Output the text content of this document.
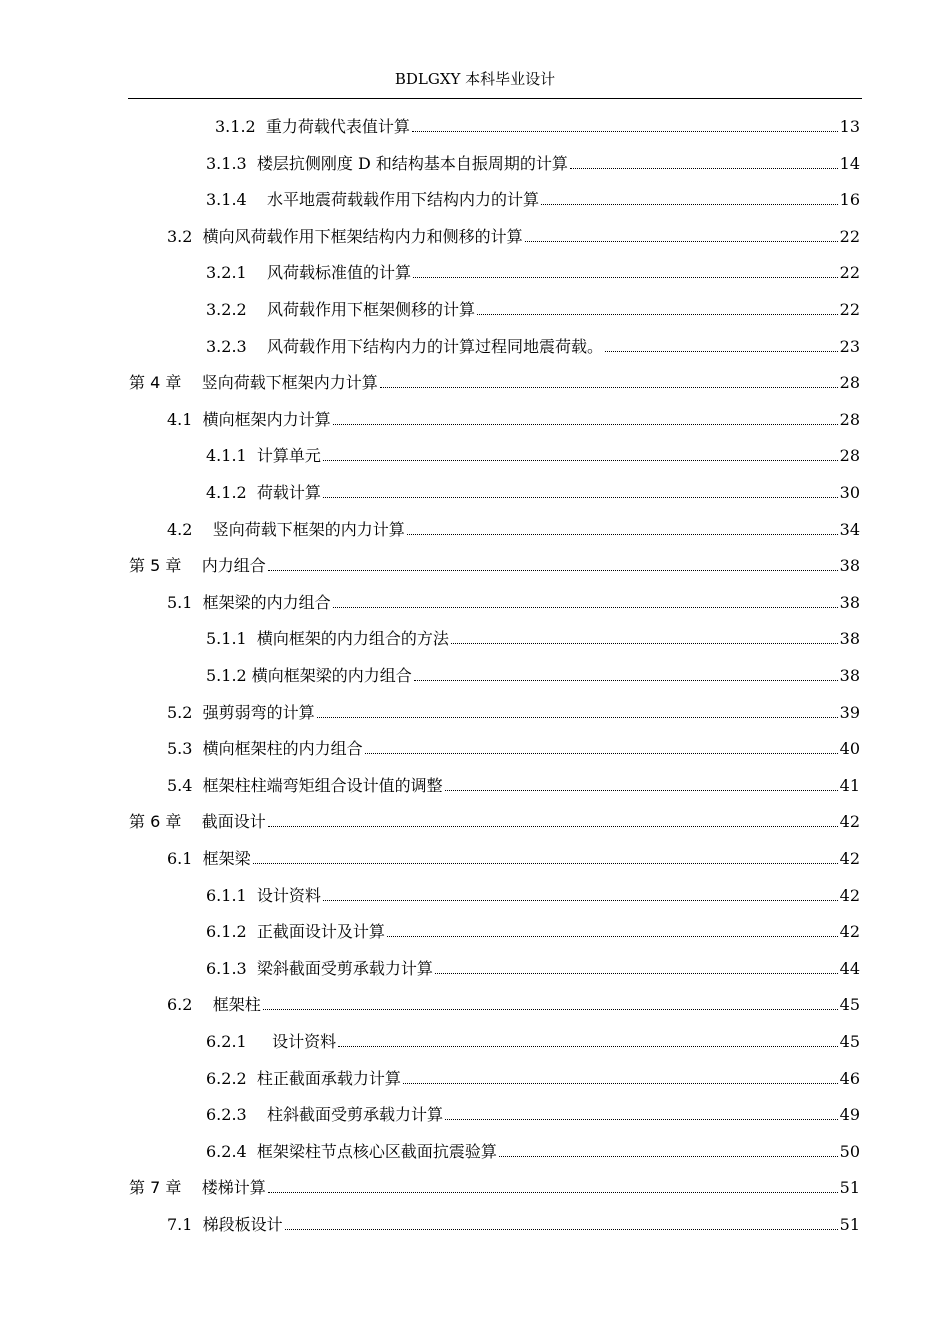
BDLGXY 本科毕业设计
3.1.2  重力荷载代表值计算	13
3.1.3  楼层抗侧刚度 D 和结构基本自振周期的计算	14
3.1.4    水平地震荷载载作用下结构内力的计算	16
3.2  横向风荷载作用下框架结构内力和侧移的计算	22
3.2.1    风荷载标准值的计算	22
3.2.2    风荷载作用下框架侧移的计算	22
3.2.3    风荷载作用下结构内力的计算过程同地震荷载。	23
第 4 章    竖向荷载下框架内力计算	28
4.1  横向框架内力计算	28
4.1.1  计算单元	28
4.1.2  荷载计算	30
4.2    竖向荷载下框架的内力计算	34
第 5 章    内力组合	38
5.1  框架梁的内力组合	38
5.1.1  横向框架的内力组合的方法	38
5.1.2 横向框架梁的内力组合	38
5.2  强剪弱弯的计算	39
5.3  横向框架柱的内力组合	40
5.4  框架柱柱端弯矩组合设计值的调整	41
第 6 章    截面设计	42
6.1  框架梁	42
6.1.1  设计资料	42
6.1.2  正截面设计及计算	42
6.1.3  梁斜截面受剪承载力计算	44
6.2    框架柱	45
6.2.1     设计资料	45
6.2.2  柱正截面承载力计算	46
6.2.3    柱斜截面受剪承载力计算	49
6.2.4  框架梁柱节点核心区截面抗震验算	50
第 7 章    楼梯计算	51
7.1  梯段板设计	51
